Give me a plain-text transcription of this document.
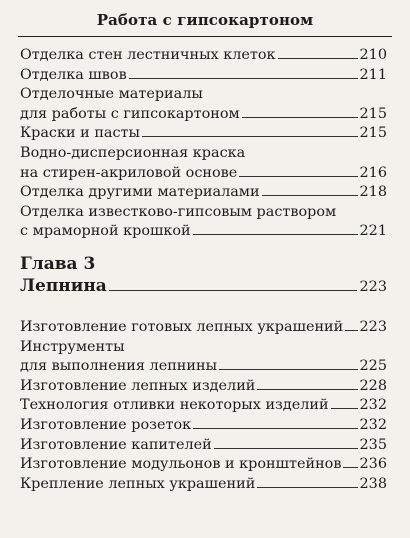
Работа с гипсокартоном
Отделка стен лестничных клеток	210
Отделка швов	211
Отделочные материалы
для работы с гипсокартоном	215
Краски и пасты	215
Водно-дисперсионная краска
на стирен-акриловой основе	216
Отделка другими материалами	218
Отделка известково-гипсовым раствором
с мраморной крошкой	221
Глава 3
Лепнина	223
Изготовление готовых лепных украшений 223
Инструменты
для выполнения лепнины	225
Изготовление лепных изделий	228
Технология отливки некоторых изделий 232
Изготовление розеток	232
Изготовление капителей	235
Изготовление модульонов и кронштейнов 236
Крепление лепных украшений	238
